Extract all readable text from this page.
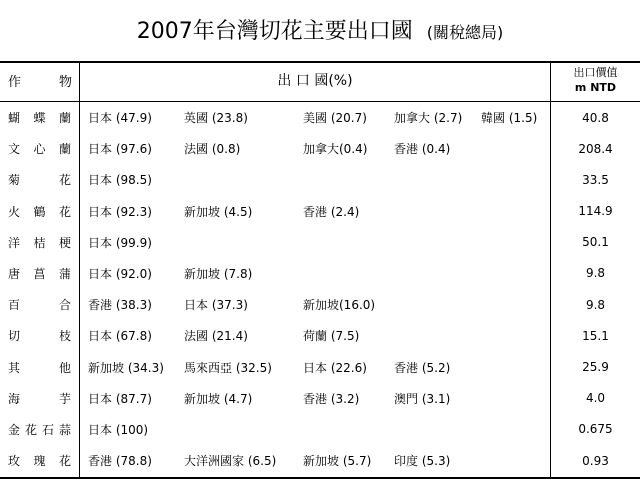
2007年台灣切花主要出口國 (關稅總局)
作	物	出 口 國(%)
出口價值
m NTD
蝴 蝶 蘭 日本 (47.9)	英國 (23.8)	美國 (20.7) 加拿大 (2.7) 韓國 (1.5)	40.8
文 心 蘭 日本 (97.6)	法國 (0.8)	加拿大(0.4) 香港 (0.4)	208.4
菊	花 日本 (98.5)	33.5
火 鶴 花 日本 (92.3)	新加坡 (4.5)	香港 (2.4)	114.9
洋 桔 梗 日本 (99.9)	50.1
唐 菖 蒲 日本 (92.0)	新加坡 (7.8)	9.8
百	合 香港 (38.3)	日本 (37.3)	新加坡(16.0)	9.8
切	枝 日本 (67.8)	法國 (21.4)	荷蘭 (7.5)	15.1
其	他 新加坡 (34.3) 馬來西亞 (32.5)	日本 (22.6) 香港 (5.2)	25.9
海	芋 日本 (87.7)	新加坡 (4.7)	香港 (3.2)	澳門 (3.1)	4.0
金 花 石 蒜 日本 (100)	0.675
玫 瑰 花 香港 (78.8)	大洋洲國家 (6.5) 新加坡 (5.7) 印度 (5.3)	0.93
